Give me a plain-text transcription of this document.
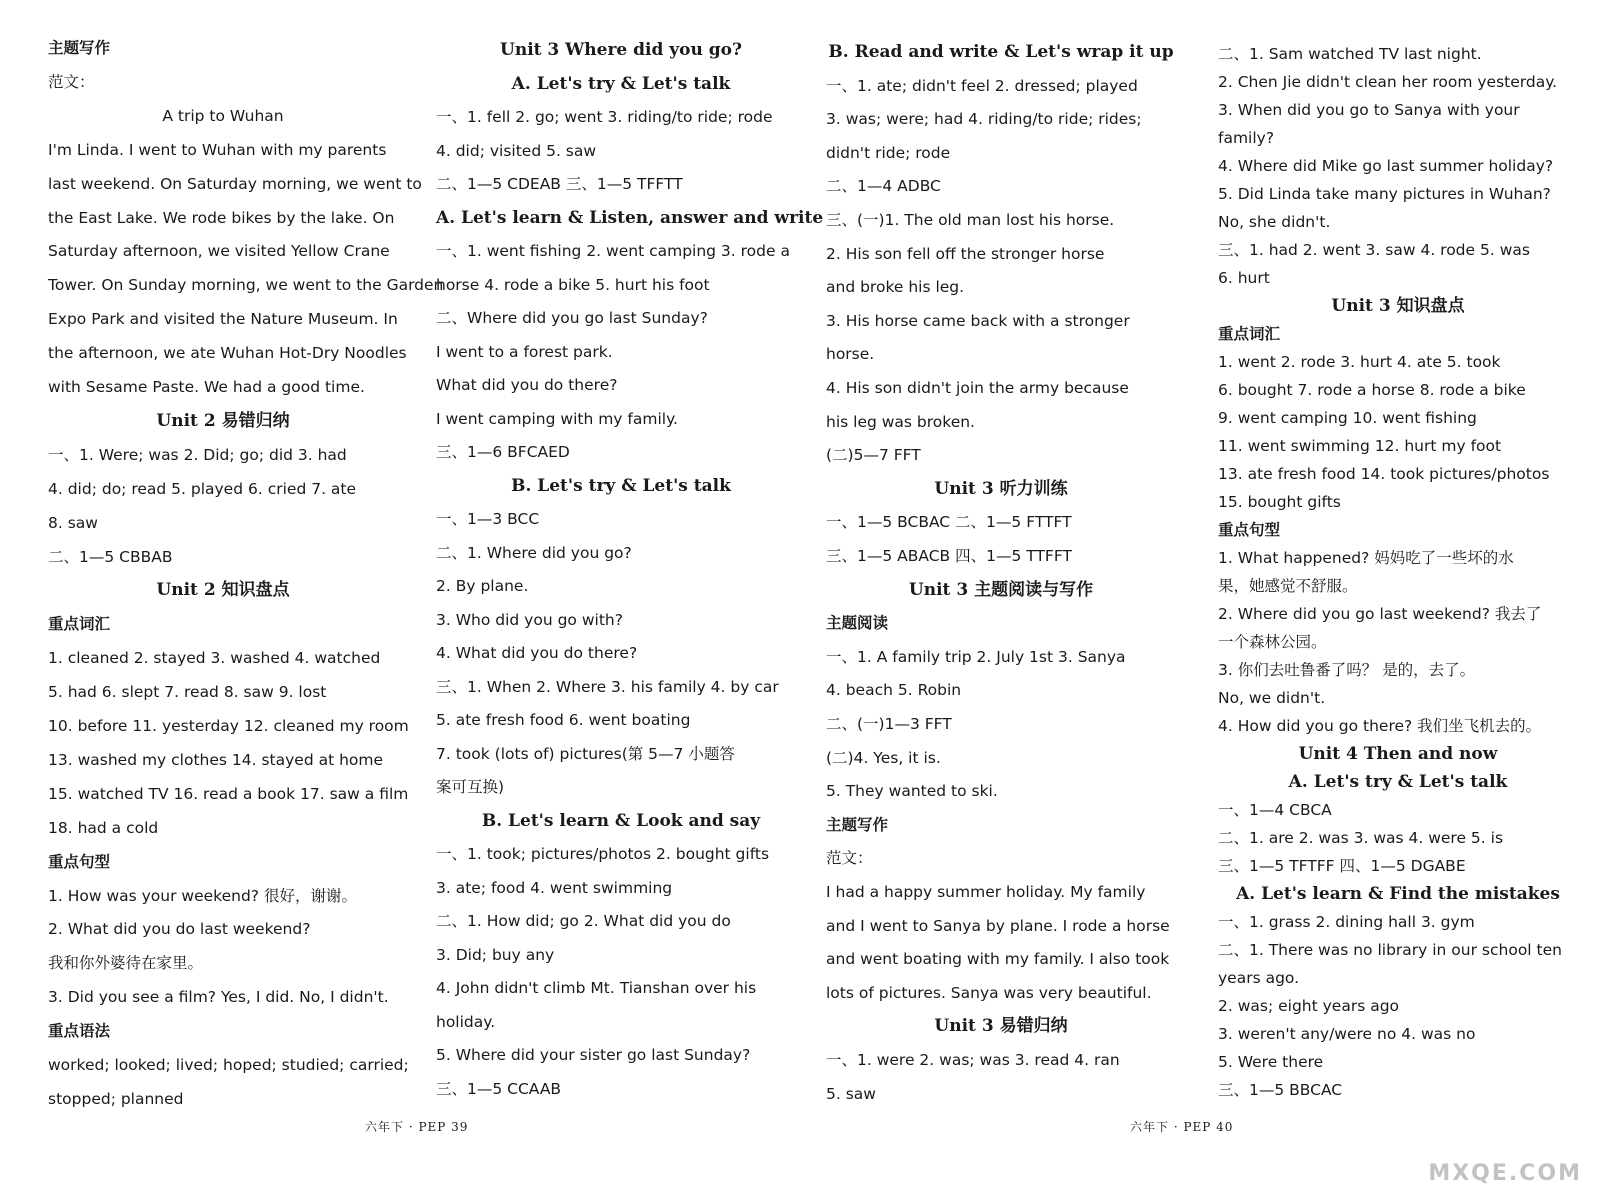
主题写作
范文：
A trip to Wuhan
I'm Linda. I went to Wuhan with my parents
last weekend. On Saturday morning, we went to
the East Lake. We rode bikes by the lake. On
Saturday afternoon, we visited Yellow Crane
Tower. On Sunday morning, we went to the Garden
Expo Park and visited the Nature Museum. In
the afternoon, we ate Wuhan Hot-Dry Noodles
with Sesame Paste. We had a good time.
Unit 2 易错归纳
一、1. Were; was 2. Did; go; did 3. had
4. did; do; read 5. played 6. cried 7. ate
8. saw
二、1—5 CBBAB
Unit 2 知识盘点
重点词汇
1. cleaned 2. stayed 3. washed 4. watched
5. had 6. slept 7. read 8. saw 9. lost
10. before 11. yesterday 12. cleaned my room
13. washed my clothes 14. stayed at home
15. watched TV 16. read a book 17. saw a film
18. had a cold
重点句型
1. How was your weekend? 很好，谢谢。
2. What did you do last weekend?
我和你外婆待在家里。
3. Did you see a film? Yes, I did. No, I didn't.
重点语法
worked; looked; lived; hoped; studied; carried;
stopped; planned
Unit 3 Where did you go?
A. Let's try & Let's talk
一、1. fell 2. go; went 3. riding/to ride; rode
4. did; visited 5. saw
二、1—5 CDEAB 三、1—5 TFFTT
A. Let's learn & Listen, answer and write
一、1. went fishing 2. went camping 3. rode a
horse 4. rode a bike 5. hurt his foot
二、Where did you go last Sunday?
I went to a forest park.
What did you do there?
I went camping with my family.
三、1—6 BFCAED
B. Let's try & Let's talk
一、1—3 BCC
二、1. Where did you go?
2. By plane.
3. Who did you go with?
4. What did you do there?
三、1. When 2. Where 3. his family 4. by car
5. ate fresh food 6. went boating
7. took (lots of) pictures(第 5—7 小题答
案可互换)
B. Let's learn & Look and say
一、1. took; pictures/photos 2. bought gifts
3. ate; food 4. went swimming
二、1. How did; go 2. What did you do
3. Did; buy any
4. John didn't climb Mt. Tianshan over his
holiday.
5. Where did your sister go last Sunday?
三、1—5 CCAAB
B. Read and write & Let's wrap it up
一、1. ate; didn't feel 2. dressed; played
3. was; were; had 4. riding/to ride; rides;
didn't ride; rode
二、1—4 ADBC
三、(一)1. The old man lost his horse.
2. His son fell off the stronger horse
and broke his leg.
3. His horse came back with a stronger
horse.
4. His son didn't join the army because
his leg was broken.
(二)5—7 FFT
Unit 3 听力训练
一、1—5 BCBAC 二、1—5 FTTFT
三、1—5 ABACB 四、1—5 TTFFT
Unit 3 主题阅读与写作
主题阅读
一、1. A family trip 2. July 1st 3. Sanya
4. beach 5. Robin
二、(一)1—3 FFT
(二)4. Yes, it is.
5. They wanted to ski.
主题写作
范文：
I had a happy summer holiday. My family
and I went to Sanya by plane. I rode a horse
and went boating with my family. I also took
lots of pictures. Sanya was very beautiful.
Unit 3 易错归纳
一、1. were 2. was; was 3. read 4. ran
5. saw
二、1. Sam watched TV last night.
2. Chen Jie didn't clean her room yesterday.
3. When did you go to Sanya with your
family?
4. Where did Mike go last summer holiday?
5. Did Linda take many pictures in Wuhan?
No, she didn't.
三、1. had 2. went 3. saw 4. rode 5. was
6. hurt
Unit 3 知识盘点
重点词汇
1. went 2. rode 3. hurt 4. ate 5. took
6. bought 7. rode a horse 8. rode a bike
9. went camping 10. went fishing
11. went swimming 12. hurt my foot
13. ate fresh food 14. took pictures/photos
15. bought gifts
重点句型
1. What happened? 妈妈吃了一些坏的水
果，她感觉不舒服。
2. Where did you go last weekend? 我去了
一个森林公园。
3. 你们去吐鲁番了吗？ 是的，去了。
No, we didn't.
4. How did you go there? 我们坐飞机去的。
Unit 4 Then and now
A. Let's try & Let's talk
一、1—4 CBCA
二、1. are 2. was 3. was 4. were 5. is
三、1—5 TFTFF 四、1—5 DGABE
A. Let's learn & Find the mistakes
一、1. grass 2. dining hall 3. gym
二、1. There was no library in our school ten
years ago.
2. was; eight years ago
3. weren't any/were no 4. was no
5. Were there
三、1—5 BBCAC
六年下 · PEP 39	六年下 · PEP 40
MXQE.COM
